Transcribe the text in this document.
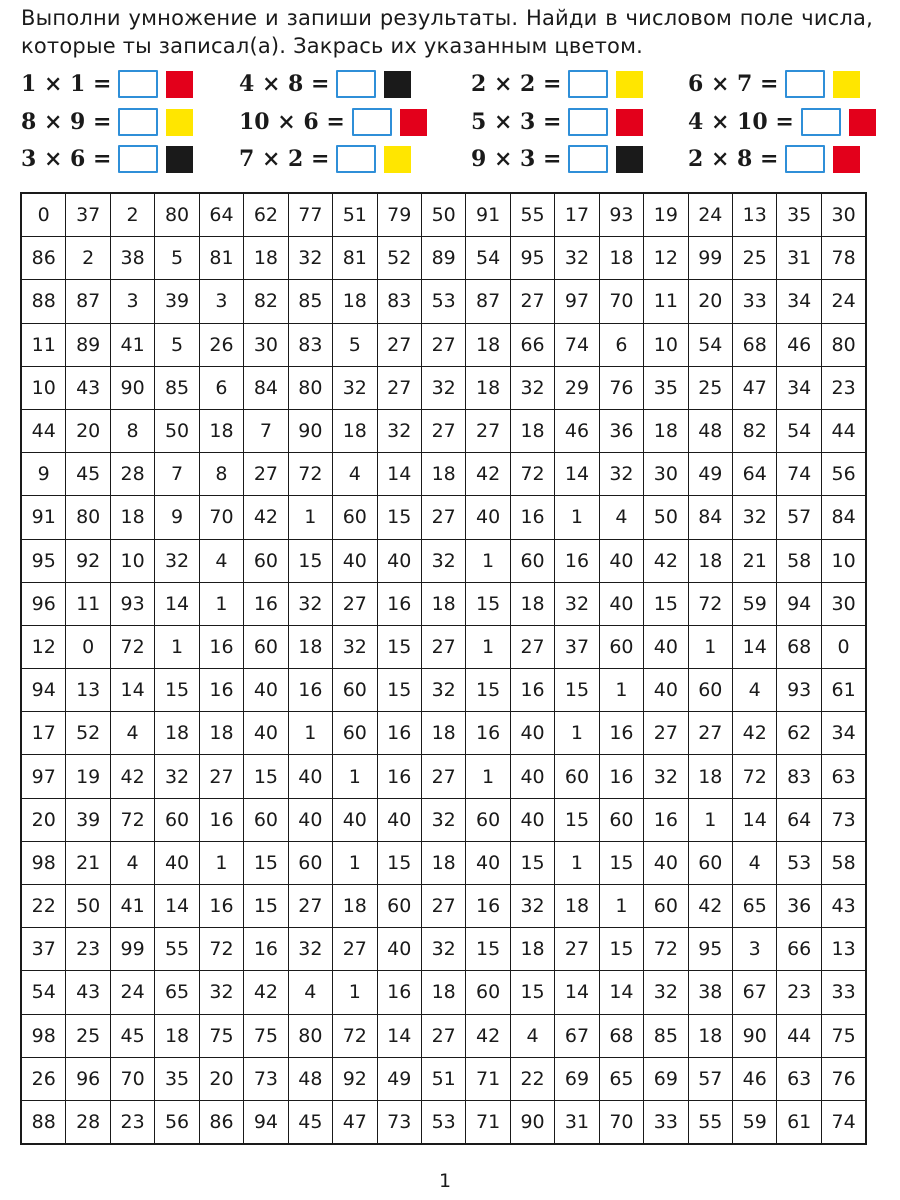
Выполни умножение и запиши результаты. Найди в числовом поле числа, которые ты записал(а). Закрась их указанным цветом.

1 × 1 =	4 × 8 =	2 × 2 =	6 × 7 =
8 × 9 =	10 × 6 =	5 × 3 =	4 × 10 =
3 × 6 =	7 × 2 =	9 × 3 =	2 × 8 =
0	37	2	80	64	62	77	51	79	50	91	55	17	93	19	24	13	35	30
86	2	38	5	81	18	32	81	52	89	54	95	32	18	12	99	25	31	78
88	87	3	39	3	82	85	18	83	53	87	27	97	70	11	20	33	34	24
11	89	41	5	26	30	83	5	27	27	18	66	74	6	10	54	68	46	80
10	43	90	85	6	84	80	32	27	32	18	32	29	76	35	25	47	34	23
44	20	8	50	18	7	90	18	32	27	27	18	46	36	18	48	82	54	44
9	45	28	7	8	27	72	4	14	18	42	72	14	32	30	49	64	74	56
91	80	18	9	70	42	1	60	15	27	40	16	1	4	50	84	32	57	84
95	92	10	32	4	60	15	40	40	32	1	60	16	40	42	18	21	58	10
96	11	93	14	1	16	32	27	16	18	15	18	32	40	15	72	59	94	30
12	0	72	1	16	60	18	32	15	27	1	27	37	60	40	1	14	68	0
94	13	14	15	16	40	16	60	15	32	15	16	15	1	40	60	4	93	61
17	52	4	18	18	40	1	60	16	18	16	40	1	16	27	27	42	62	34
97	19	42	32	27	15	40	1	16	27	1	40	60	16	32	18	72	83	63
20	39	72	60	16	60	40	40	40	32	60	40	15	60	16	1	14	64	73
98	21	4	40	1	15	60	1	15	18	40	15	1	15	40	60	4	53	58
22	50	41	14	16	15	27	18	60	27	16	32	18	1	60	42	65	36	43
37	23	99	55	72	16	32	27	40	32	15	18	27	15	72	95	3	66	13
54	43	24	65	32	42	4	1	16	18	60	15	14	14	32	38	67	23	33
98	25	45	18	75	75	80	72	14	27	42	4	67	68	85	18	90	44	75
26	96	70	35	20	73	48	92	49	51	71	22	69	65	69	57	46	63	76
88	28	23	56	86	94	45	47	73	53	71	90	31	70	33	55	59	61	74
1
